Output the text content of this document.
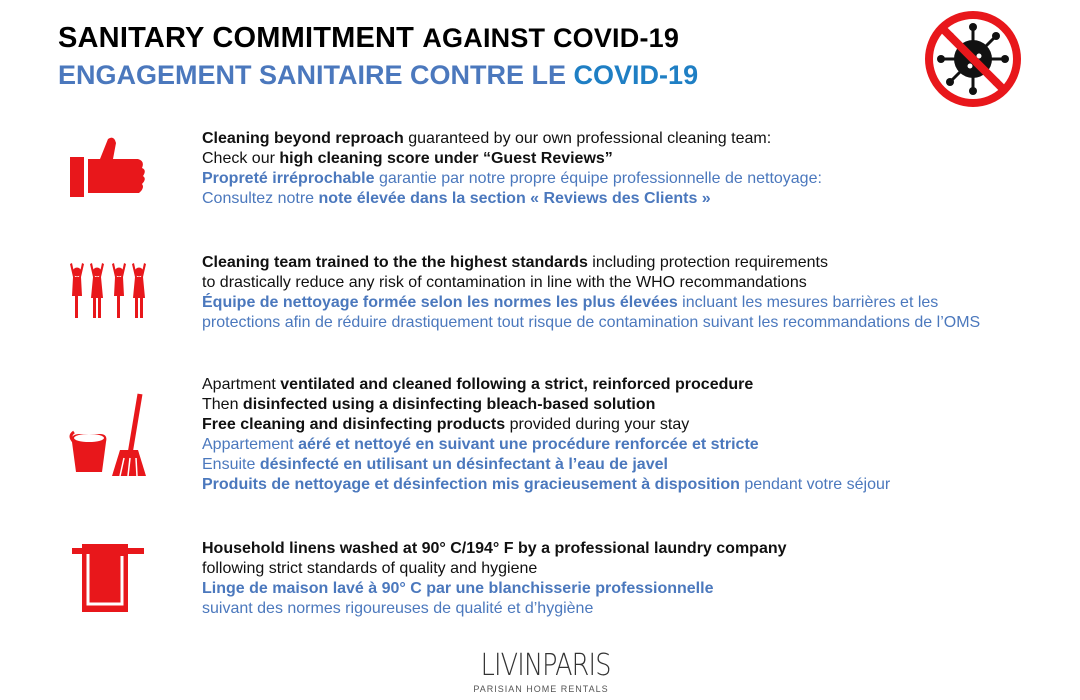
SANITARY COMMITMENT AGAINST COVID-19
ENGAGEMENT SANITAIRE CONTRE LE COVID-19
Cleaning beyond reproach guaranteed by our own professional cleaning team:
Check our high cleaning score under “Guest Reviews”
Propreté irréprochable garantie par notre propre équipe professionnelle de nettoyage:
Consultez notre note élevée dans la section « Reviews des Clients »
Cleaning team trained to the the highest standards including protection requirements
to drastically reduce any risk of contamination in line with the WHO recommandations
Équipe de nettoyage formée selon les normes les plus élevées incluant les mesures barrières et les
protections afin de réduire drastiquement tout risque de contamination suivant les recommandations de l’OMS
Apartment ventilated and cleaned following a strict, reinforced procedure
Then disinfected using a disinfecting bleach-based solution
Free cleaning and disinfecting products provided during your stay
Appartement aéré et nettoyé en suivant une procédure renforcée et stricte
Ensuite désinfecté en utilisant un désinfectant à l’eau de javel
Produits de nettoyage et désinfection mis gracieusement à disposition pendant votre séjour
Household linens washed at 90° C/194° F by a professional laundry company
following strict standards of quality and hygiene
Linge de maison lavé à 90° C par une blanchisserie professionnelle
suivant des normes rigoureuses de qualité et d’hygiène
LIVINPARIS
PARISIAN HOME RENTALS
